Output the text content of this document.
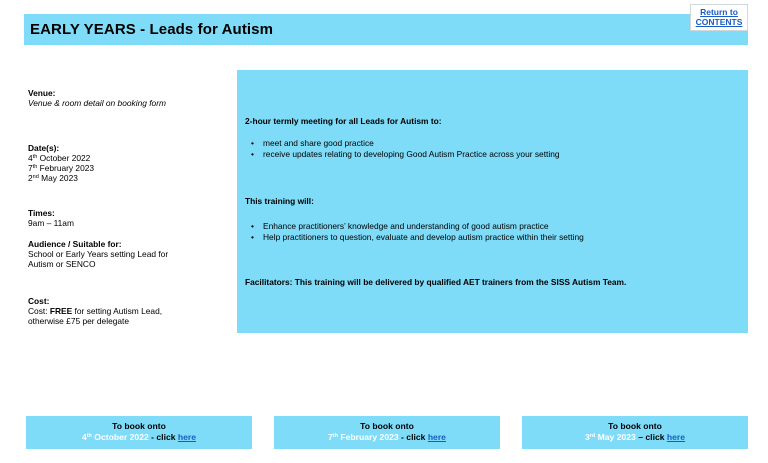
EARLY YEARS - Leads for Autism
Return to
CONTENTS
Venue:
Venue & room detail on booking form
Date(s):
4th October 2022
7th February 2023
2nd May 2023
Times:
9am – 11am
Audience / Suitable for:
School or Early Years setting Lead for
Autism or SENCO
Cost:
Cost: FREE for setting Autism Lead,
otherwise £75 per delegate
2-hour termly meeting for all Leads for Autism to:
• meet and share good practice
• receive updates relating to developing Good Autism Practice across your setting
This training will:
• Enhance practitioners’ knowledge and understanding of good autism practice
• Help practitioners to question, evaluate and develop autism practice within their setting
Facilitators: This training will be delivered by qualified AET trainers from the SISS Autism Team.
To book onto
4th October 2022 - click here
To book onto
7th February 2023 - click here
To book onto
3rd May 2023 – click here
